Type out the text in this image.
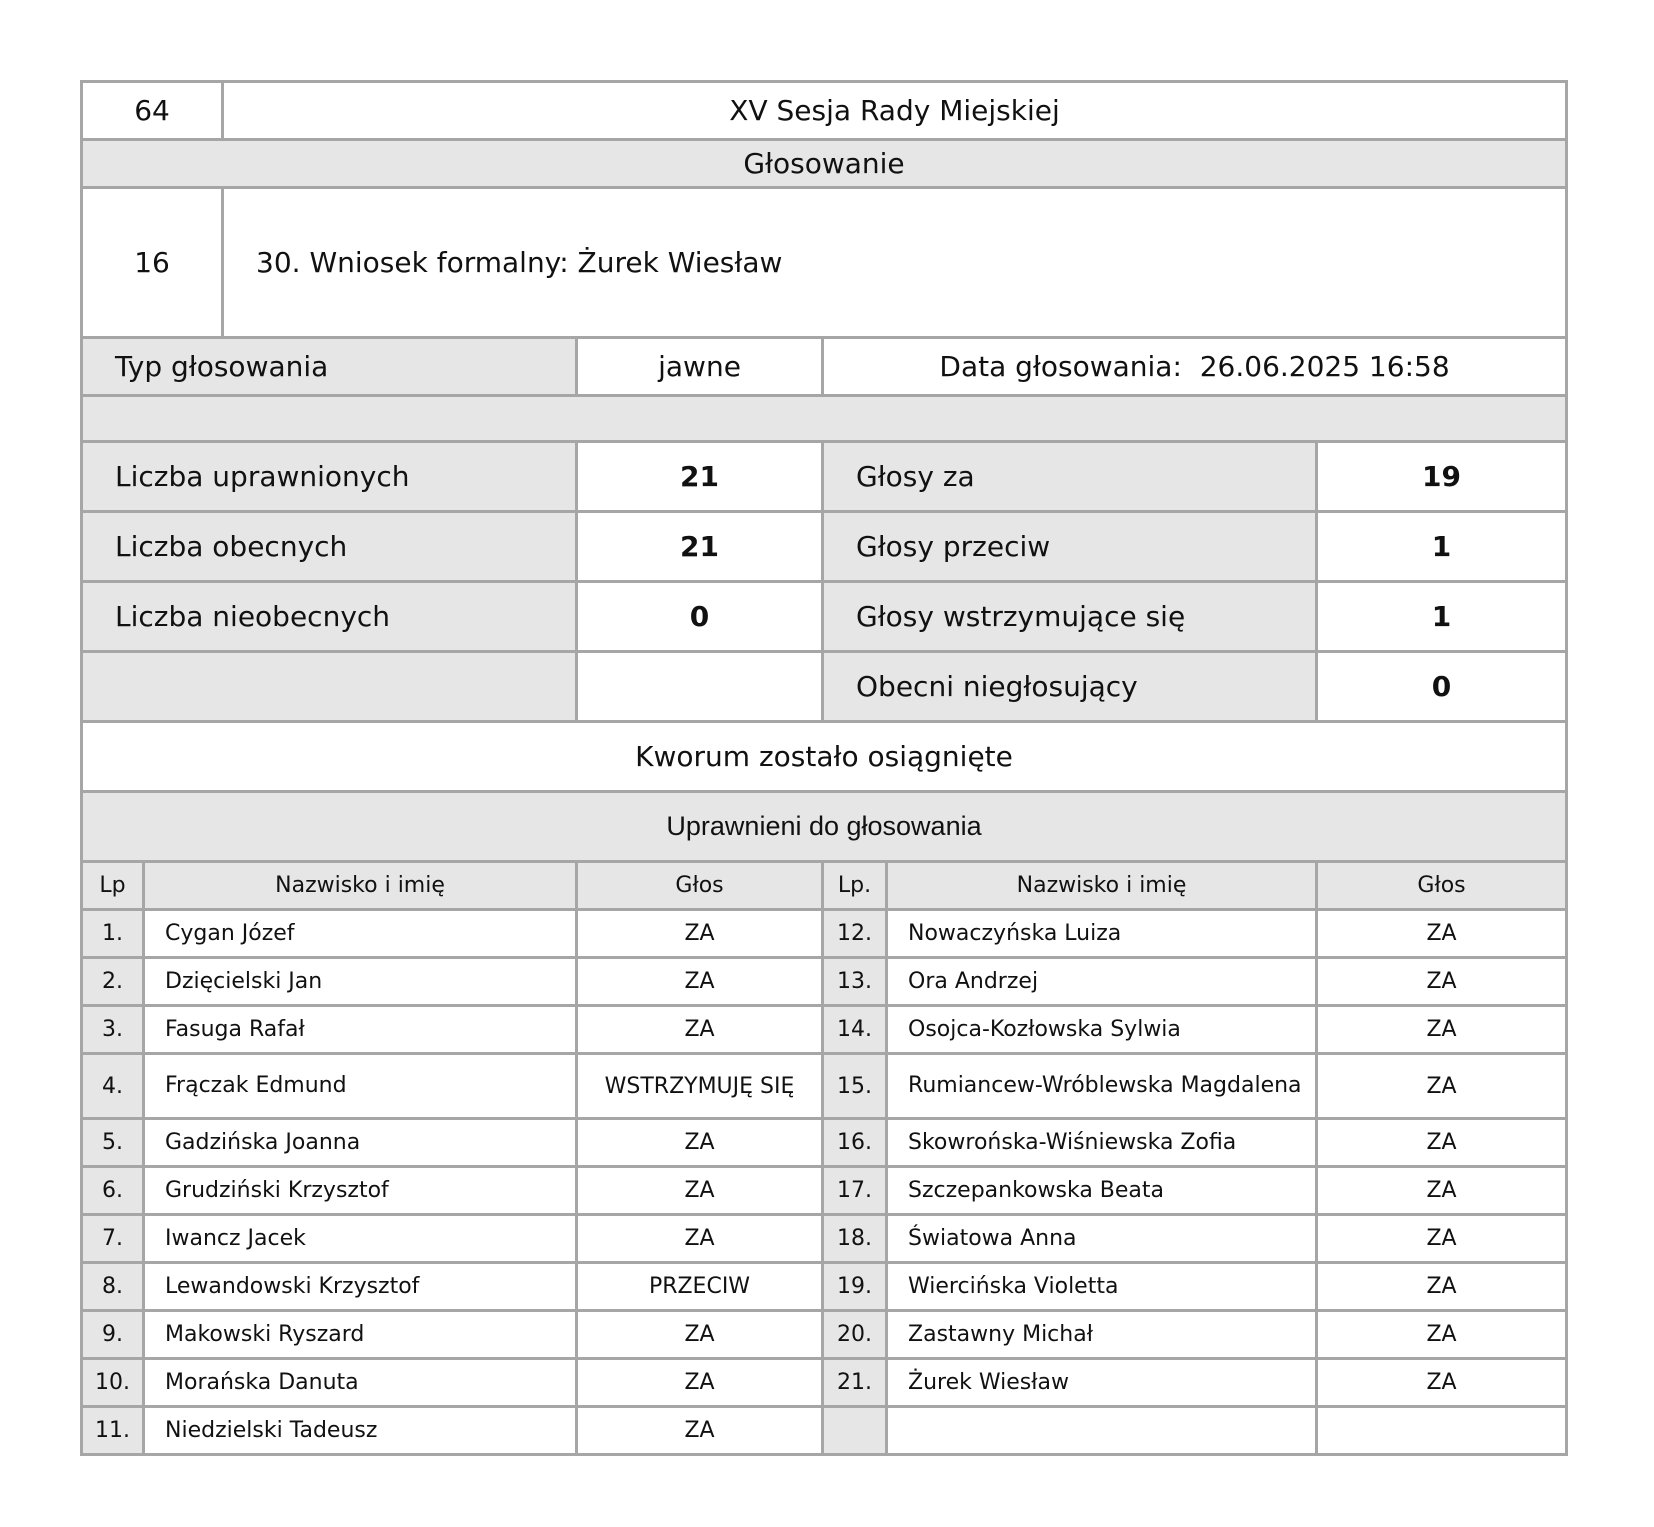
64		XV Sesja Rady Miejskiej				
Głosowanie						
16		30. Wniosek formalny: Żurek Wiesław				
Typ głosowania			jawne	Data głosowania: 26.06.2025 16:58		

Liczba uprawnionych			21	Głosy za		19
Liczba obecnych			21	Głosy przeciw		1
Liczba nieobecnych			0	Głosy wstrzymujące się		1
				Obecni niegłosujący		0
Kworum zostało osiągnięte						
Uprawnieni do głosowania						
Lp	Nazwisko i imię		Głos	Lp.	Nazwisko i imię	Głos
1.	Cygan Józef		ZA	12.	Nowaczyńska Luiza	ZA
2.	Dzięcielski Jan		ZA	13.	Ora Andrzej	ZA
3.	Fasuga Rafał		ZA	14.	Osojca-Kozłowska Sylwia	ZA
4.	Frączak Edmund		WSTRZYMUJĘ SIĘ	15.	Rumiancew-Wróblewska Magdalena	ZA
5.	Gadzińska Joanna		ZA	16.	Skowrońska-Wiśniewska Zofia	ZA
6.	Grudziński Krzysztof		ZA	17.	Szczepankowska Beata	ZA
7.	Iwancz Jacek		ZA	18.	Światowa Anna	ZA
8.	Lewandowski Krzysztof		PRZECIW	19.	Wiercińska Violetta	ZA
9.	Makowski Ryszard		ZA	20.	Zastawny Michał	ZA
10.	Morańska Danuta		ZA	21.	Żurek Wiesław	ZA
11.	Niedzielski Tadeusz		ZA			
